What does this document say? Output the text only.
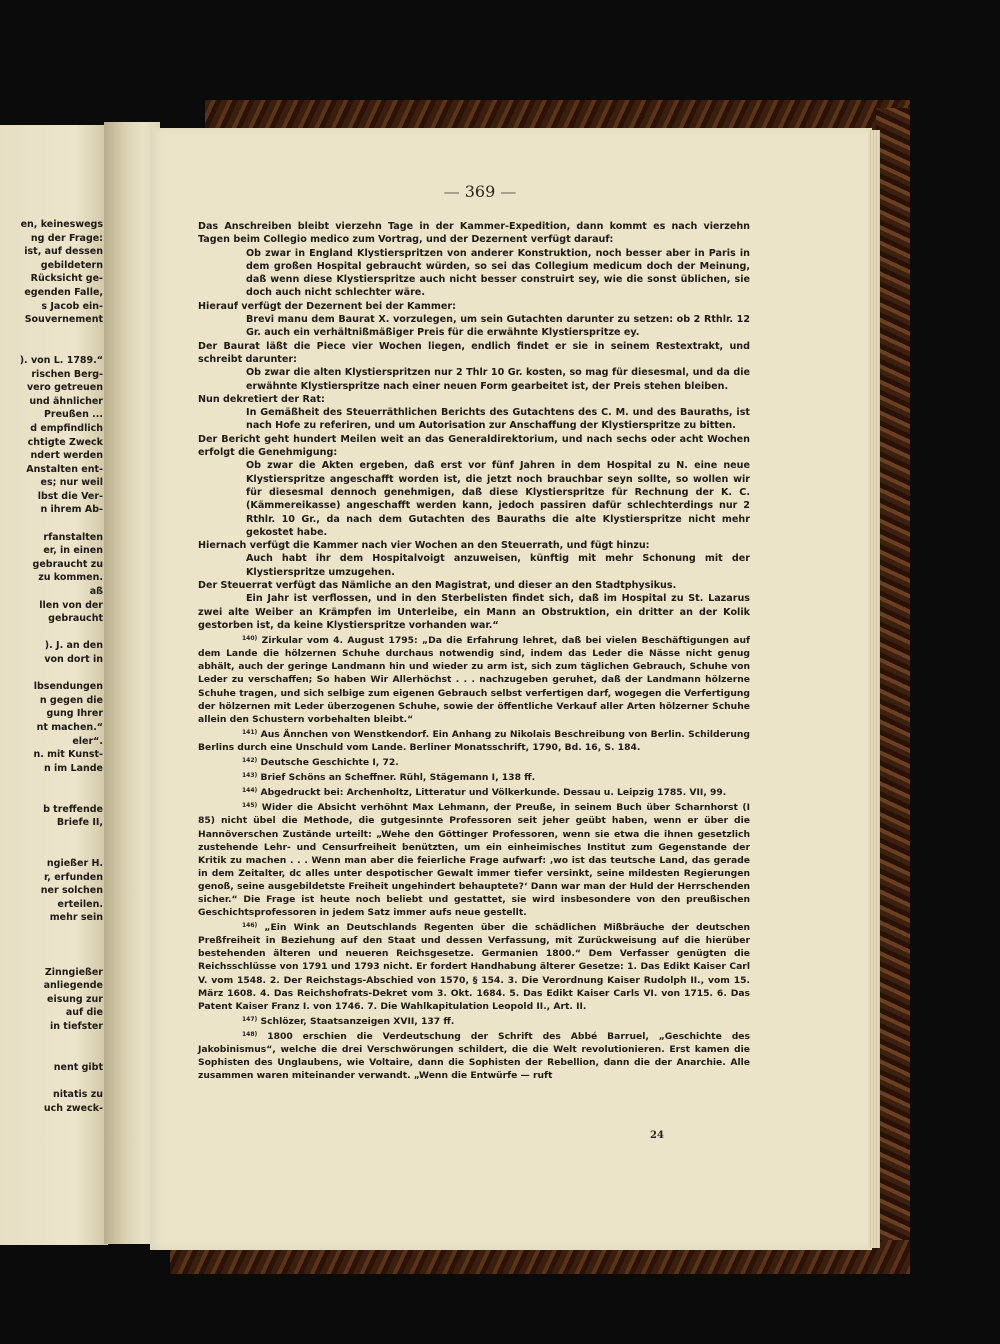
en, keineswegs
ng der Frage:
ist, auf dessen
gebildetern
Rücksicht ge-
egenden Falle,
s Jacob ein-
Souvernement
). von L. 1789.“
rischen Berg-
vero getreuen
und ähnlicher
Preußen ...
d empfindlich
chtigte Zweck
ndert werden
Anstalten ent-
es; nur weil
lbst die Ver-
n ihrem Ab-
rfanstalten
er, in einen
gebraucht zu
zu kommen.
aß
llen von der
gebraucht
). J. an den
von dort in
lbsendungen
n gegen die
gung Ihrer
nt machen.“
eler“.
n. mit Kunst-
n im Lande
b treffende
Briefe II,
ngießer H.
r, erfunden
ner solchen
erteilen.
mehr sein
Zinngießer
anliegende
eisung zur
auf die
in tiefster
nent gibt
nitatis zu
uch zweck-
— 369 —

Das Anschreiben bleibt vierzehn Tage in der Kammer-Expedition, dann kommt es nach vierzehn Tagen beim Collegio medico zum Vortrag, und der Dezernent verfügt darauf:

Ob zwar in England Klystierspritzen von anderer Konstruktion, noch besser aber in Paris in dem großen Hospital gebraucht würden, so sei das Collegium medicum doch der Meinung, daß wenn diese Klystierspritze auch nicht besser construirt sey, wie die sonst üblichen, sie doch auch nicht schlechter wäre.

Hierauf verfügt der Dezernent bei der Kammer:

Brevi manu dem Baurat X. vorzulegen, um sein Gutachten darunter zu setzen: ob 2 Rthlr. 12 Gr. auch ein verhältnißmäßiger Preis für die erwähnte Klystierspritze ey.

Der Baurat läßt die Piece vier Wochen liegen, endlich findet er sie in seinem Restextrakt, und schreibt darunter:

Ob zwar die alten Klystierspritzen nur 2 Thlr 10 Gr. kosten, so mag für diesesmal, und da die erwähnte Klystierspritze nach einer neuen Form gearbeitet ist, der Preis stehen bleiben.

Nun dekretiert der Rat:

In Gemäßheit des Steuerräthlichen Berichts des Gutachtens des C. M. und des Bauraths, ist nach Hofe zu referiren, und um Autorisation zur Anschaffung der Klystierspritze zu bitten.

Der Bericht geht hundert Meilen weit an das Generaldirektorium, und nach sechs oder acht Wochen erfolgt die Genehmigung:

Ob zwar die Akten ergeben, daß erst vor fünf Jahren in dem Hospital zu N. eine neue Klystierspritze angeschafft worden ist, die jetzt noch brauchbar seyn sollte, so wollen wir für diesesmal dennoch genehmigen, daß diese Klystierspritze für Rechnung der K. C. (Kämmereikasse) angeschafft werden kann, jedoch passiren dafür schlechterdings nur 2 Rthlr. 10 Gr., da nach dem Gutachten des Bauraths die alte Klystierspritze nicht mehr gekostet habe.

Hiernach verfügt die Kammer nach vier Wochen an den Steuerrath, und fügt hinzu:

Auch habt ihr dem Hospitalvoigt anzuweisen, künftig mit mehr Schonung mit der Klystierspritze umzugehen.

Der Steuerrat verfügt das Nämliche an den Magistrat, und dieser an den Stadtphysikus.

Ein Jahr ist verflossen, und in den Sterbelisten findet sich, daß im Hospital zu St. Lazarus zwei alte Weiber an Krämpfen im Unterleibe, ein Mann an Obstruktion, ein dritter an der Kolik gestorben ist, da keine Klystierspritze vorhanden war.“

$^{140)}$ Zirkular vom 4. August 1795: „Da die Erfahrung lehret, daß bei vielen Beschäftigungen auf dem Lande die hölzernen Schuhe durchaus notwendig sind, indem das Leder die Nässe nicht genug abhält, auch der geringe Landmann hin und wieder zu arm ist, sich zum täglichen Gebrauch, Schuhe von Leder zu verschaffen; So haben Wir Allerhöchst . . . nachzugeben geruhet, daß der Landmann hölzerne Schuhe tragen, und sich selbige zum eigenen Gebrauch selbst verfertigen darf, wogegen die Verfertigung der hölzernen mit Leder überzogenen Schuhe, sowie der öffentliche Verkauf aller Arten hölzerner Schuhe allein den Schustern vorbehalten bleibt.“

$^{141)}$ Aus Ännchen von Wenstkendorf. Ein Anhang zu Nikolais Beschreibung von Berlin. Schilderung Berlins durch eine Unschuld vom Lande. Berliner Monatsschrift, 1790, Bd. 16, S. 184.

$^{142)}$ Deutsche Geschichte I, 72.

$^{143)}$ Brief Schöns an Scheffner. Rühl, Stägemann I, 138 ff.

$^{144)}$ Abgedruckt bei: Archenholtz, Litteratur und Völkerkunde. Dessau u. Leipzig 1785. VII, 99.

$^{145)}$ Wider die Absicht verhöhnt Max Lehmann, der Preuße, in seinem Buch über Scharnhorst (I 85) nicht übel die Methode, die gutgesinnte Professoren seit jeher geübt haben, wenn er über die Hannöverschen Zustände urteilt: „Wehe den Göttinger Professoren, wenn sie etwa die ihnen gesetzlich zustehende Lehr- und Censurfreiheit benützten, um ein einheimisches Institut zum Gegenstande der Kritik zu machen . . . Wenn man aber die feierliche Frage aufwarf: ‚wo ist das teutsche Land, das gerade in dem Zeitalter, dc alles unter despotischer Gewalt immer tiefer versinkt, seine mildesten Regierungen genoß, seine ausgebildetste Freiheit ungehindert behauptete?‘ Dann war man der Huld der Herrschenden sicher.“ Die Frage ist heute noch beliebt und gestattet, sie wird insbesondere von den preußischen Geschichtsprofessoren in jedem Satz immer aufs neue gestellt.

$^{146)}$ „Ein Wink an Deutschlands Regenten über die schädlichen Mißbräuche der deutschen Preßfreiheit in Beziehung auf den Staat und dessen Verfassung, mit Zurückweisung auf die hierüber bestehenden älteren und neueren Reichsgesetze. Germanien 1800.“ Dem Verfasser genügten die Reichsschlüsse von 1791 und 1793 nicht. Er fordert Handhabung älterer Gesetze: 1. Das Edikt Kaiser Carl V. vom 1548. 2. Der Reichstags-Abschied von 1570, § 154. 3. Die Verordnung Kaiser Rudolph II., vom 15. März 1608. 4. Das Reichshofrats-Dekret vom 3. Okt. 1684. 5. Das Edikt Kaiser Carls VI. von 1715. 6. Das Patent Kaiser Franz I. von 1746. 7. Die Wahlkapitulation Leopold II., Art. II.

$^{147)}$ Schlözer, Staatsanzeigen XVII, 137 ff.

$^{148)}$ 1800 erschien die Verdeutschung der Schrift des Abbé Barruel, „Geschichte des Jakobinismus“, welche die drei Verschwörungen schildert, die die Welt revolutionieren. Erst kamen die Sophisten des Unglaubens, wie Voltaire, dann die Sophisten der Rebellion, dann die der Anarchie. Alle zusammen waren miteinander verwandt. „Wenn die Entwürfe — ruft

24
